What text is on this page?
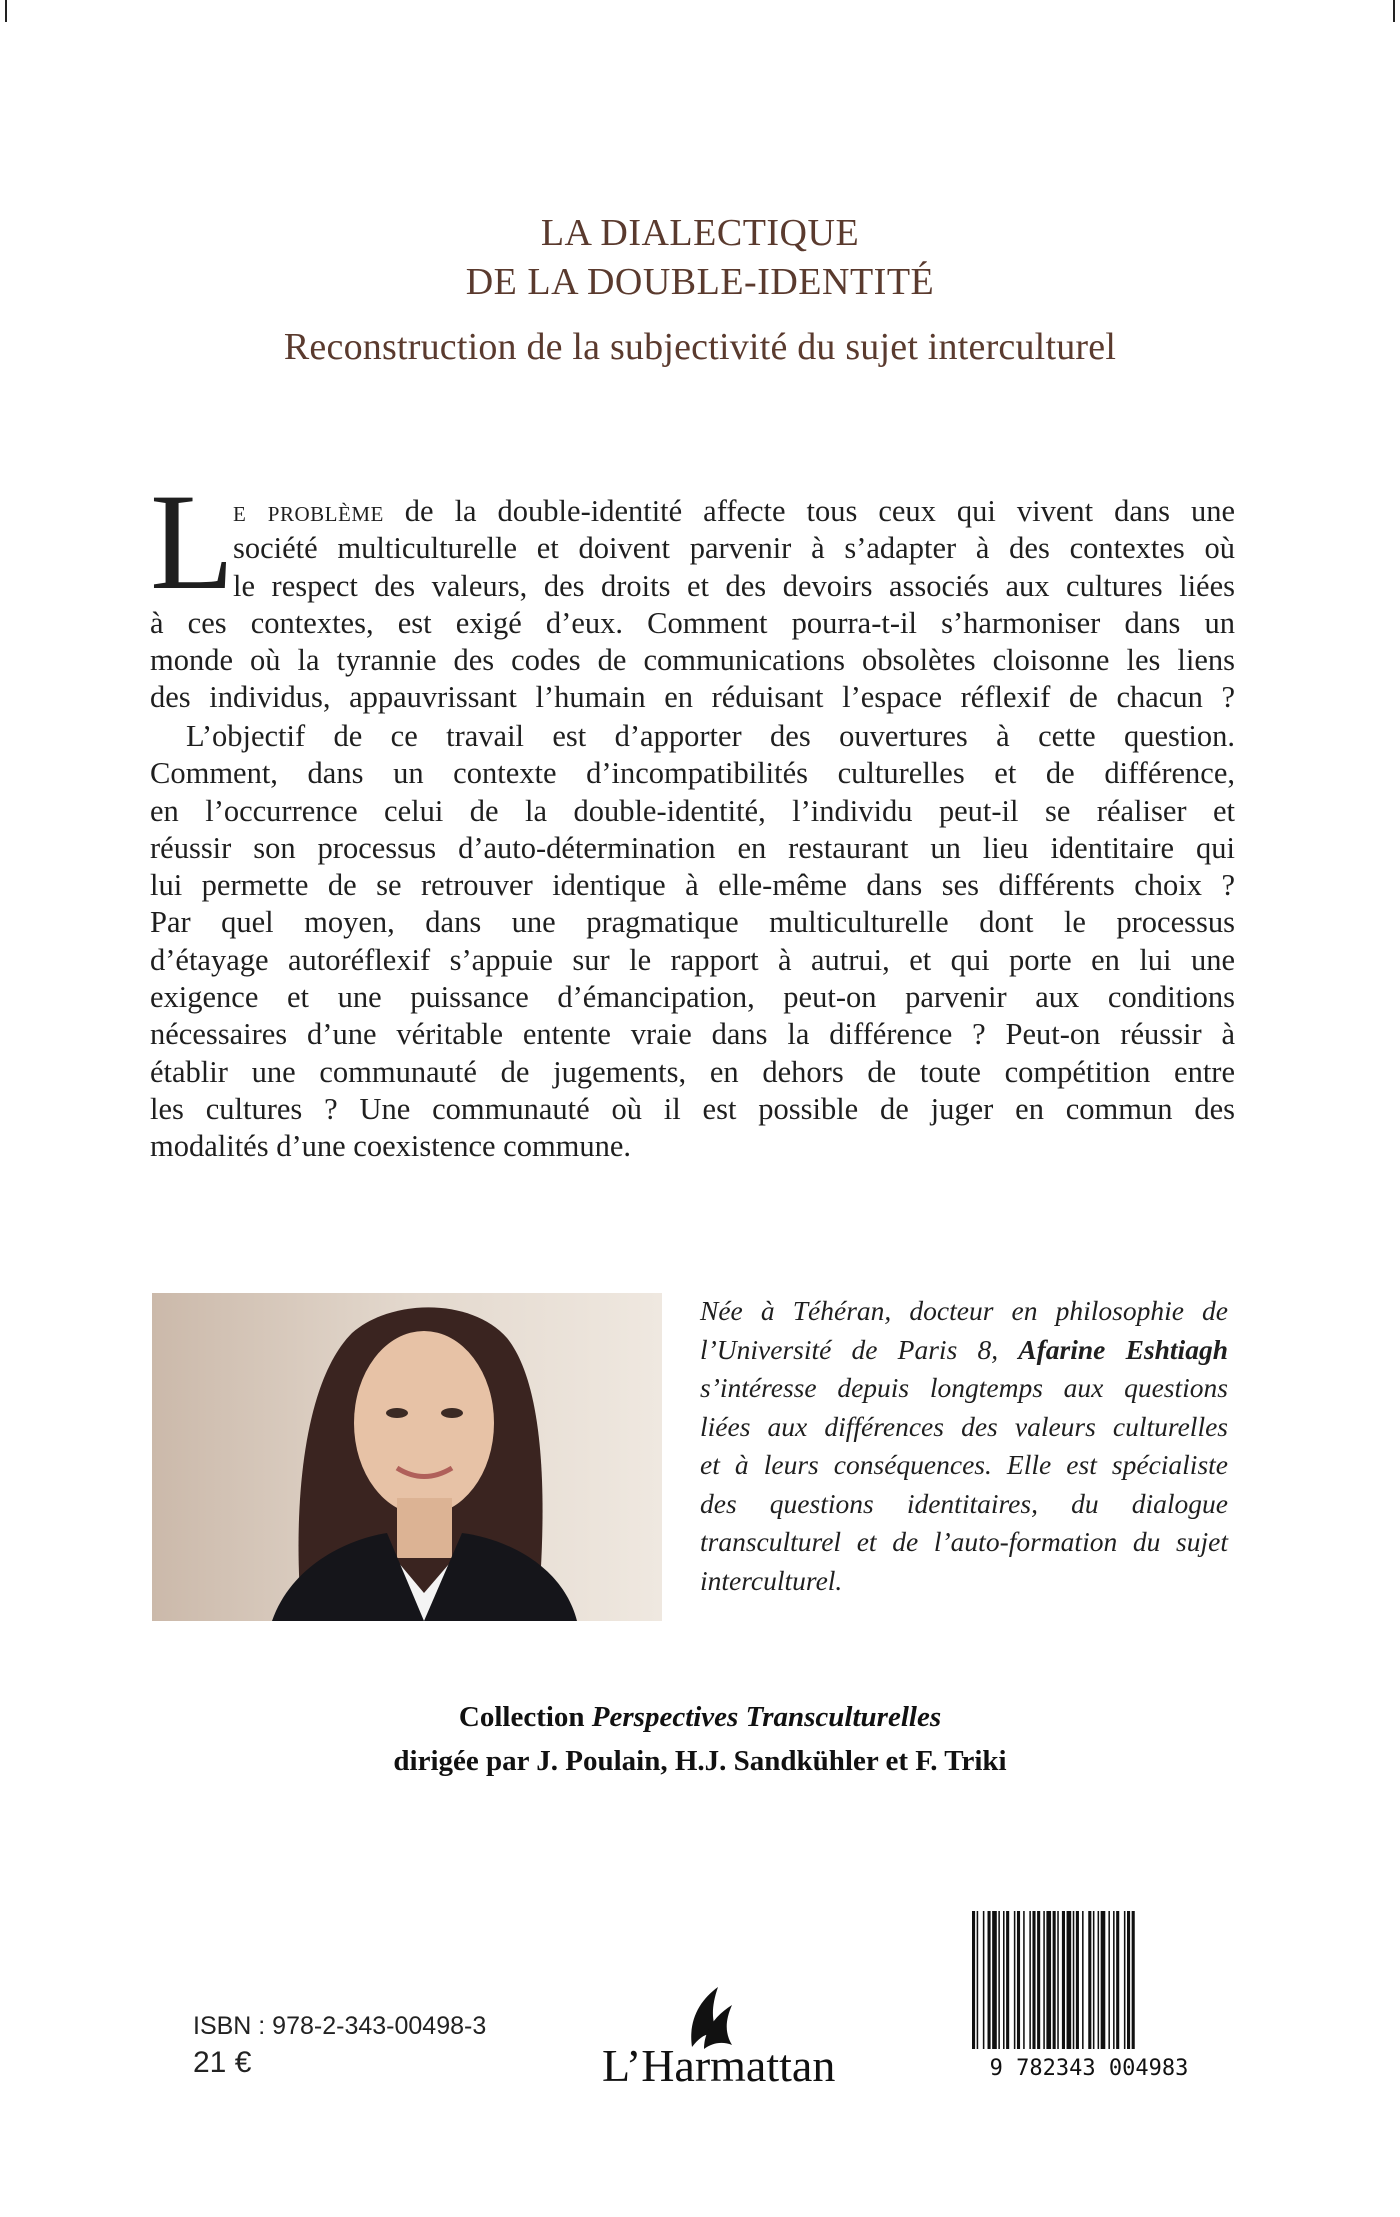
LA DIALECTIQUE
DE LA DOUBLE-IDENTITÉ
Reconstruction de la subjectivité du sujet interculturel
L
e problème de la double-identité affecte tous ceux qui vivent dans une
société multiculturelle et doivent parvenir à s’adapter à des contextes où
le respect des valeurs, des droits et des devoirs associés aux cultures liées
à ces contextes, est exigé d’eux. Comment pourra-t-il s’harmoniser dans un
monde où la tyrannie des codes de communications obsolètes cloisonne les liens
des individus, appauvrissant l’humain en réduisant l’espace réflexif de chacun ?
L’objectif de ce travail est d’apporter des ouvertures à cette question.
Comment, dans un contexte d’incompatibilités culturelles et de différence,
en l’occurrence celui de la double-identité, l’individu peut-il se réaliser et
réussir son processus d’auto-détermination en restaurant un lieu identitaire qui
lui permette de se retrouver identique à elle-même dans ses différents choix ?
Par quel moyen, dans une pragmatique multiculturelle dont le processus
d’étayage autoréflexif s’appuie sur le rapport à autrui, et qui porte en lui une
exigence et une puissance d’émancipation, peut-on parvenir aux conditions
nécessaires d’une véritable entente vraie dans la différence ? Peut-on réussir à
établir une communauté de jugements, en dehors de toute compétition entre
les cultures ? Une communauté où il est possible de juger en commun des
modalités d’une coexistence commune.
Née à Téhéran, docteur en philosophie de
l’Université de Paris 8, Afarine Eshtiagh
s’intéresse depuis longtemps aux questions
liées aux différences des valeurs culturelles
et à leurs conséquences. Elle est spécialiste
des questions identitaires, du dialogue
transculturel et de l’auto-formation du sujet
interculturel.
Collection Perspectives Transculturelles
dirigée par J. Poulain, H.J. Sandkühler et F. Triki
ISBN : 978-2-343-00498-3
21 €	L’Harmattan	9 782343 004983
